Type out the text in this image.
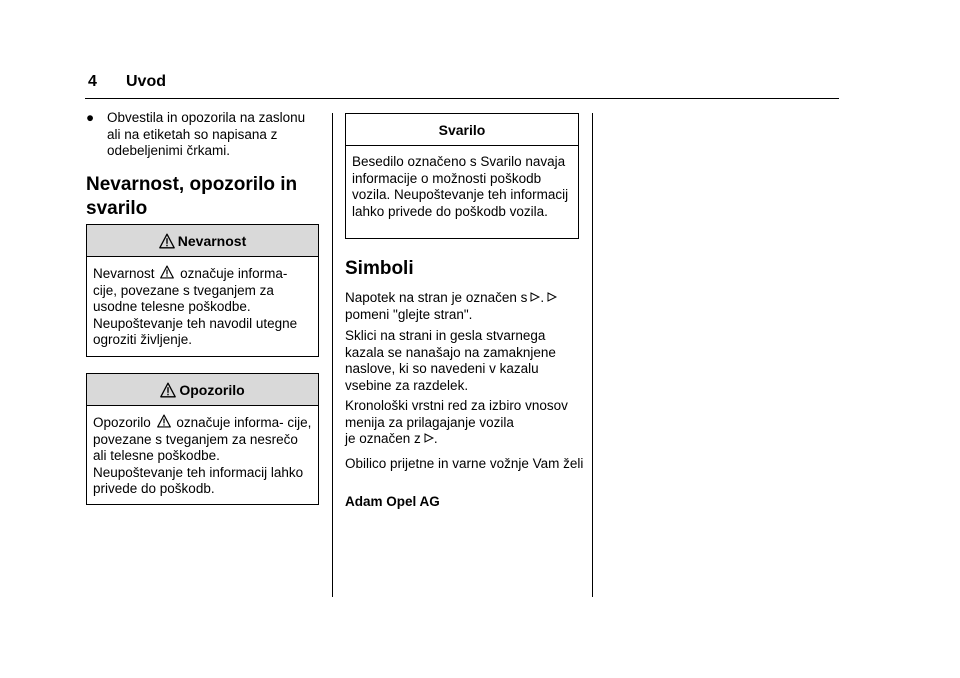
4 Uvod
● Obvestila in opozorila na zaslonu ali na etiketah so napisana z odebeljenimi črkami.
Nevarnost, opozorilo in svarilo
Nevarnost
Nevarnost označuje informa- cije, povezane s tveganjem za usodne telesne poškodbe. Neupoštevanje teh navodil utegne ogroziti življenje.
Opozorilo
Opozorilo označuje informa- cije, povezane s tveganjem za nesrečo ali telesne poškodbe. Neupoštevanje teh informacij lahko privede do poškodb.
Svarilo
Besedilo označeno s Svarilo navaja informacije o možnosti poškodb vozila. Neupoštevanje teh informacij lahko privede do poškodb vozila.
Simboli

Napotek na stran je označen s .
pomeni "glejte stran".

Sklici na strani in gesla stvarnega kazala se nanašajo na zamaknjene naslove, ki so navedeni v kazalu vsebine za razdelek.

Kronološki vrstni red za izbiro vnosov menija za prilagajanje vozila
je označen z .

Obilico prijetne in varne vožnje Vam želi

Adam Opel AG
